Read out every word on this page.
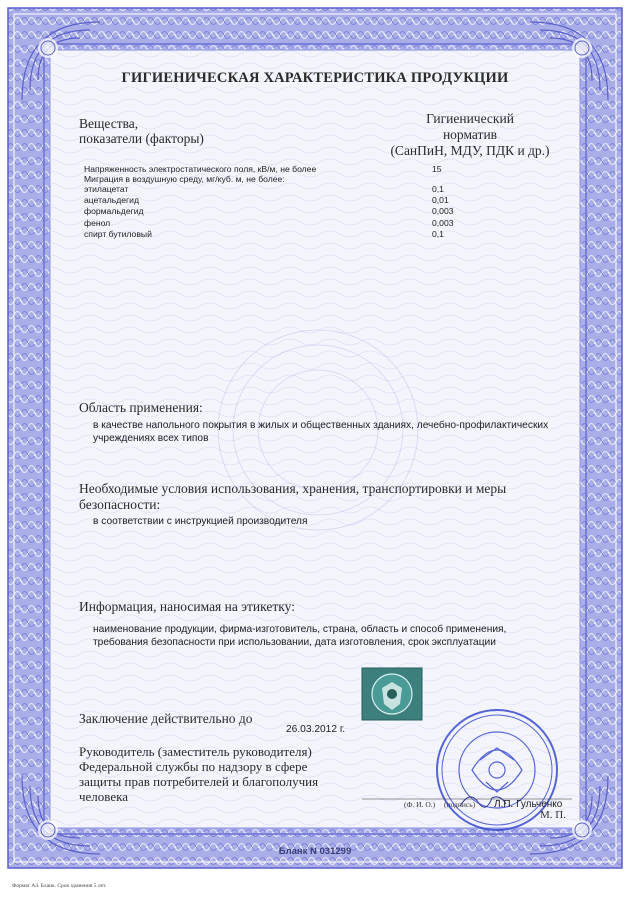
ГИГИЕНИЧЕСКАЯ ХАРАКТЕРИСТИКА ПРОДУКЦИИ
Вещества,
показатели (факторы)
Гигиенический
норматив
(СанПиН, МДУ, ПДК и др.)
Напряженность электростатического поля, кВ/м, не более	15
Миграция в воздушную среду, мг/куб. м, не более:
этилацетат	0,1
ацетальдегид	0,01
формальдегид	0,003
фенол	0,003
спирт бутиловый	0,1
Область применения:
в качестве напольного покрытия в жилых и общественных зданиях, лечебно-профилактических учреждениях всех типов
Необходимые условия использования, хранения, транспортировки и меры
безопасности:
в соответствии с инструкцией производителя
Информация, наносимая на этикетку:
наименование продукции, фирма-изготовитель, страна, область и способ применения, требования безопасности при использовании, дата изготовления, срок эксплуатации
Заключение действительно до
26.03.2012 г.
Руководитель (заместитель руководителя)
Федеральной службы по надзору в сфере
защиты прав потребителей и благополучия
человека
(Ф. И. О.) (подпись) Л.П. Гульченко
М. П.
Бланк N 031299
Формат А4. Бланк. Срок хранения 5 лет.
